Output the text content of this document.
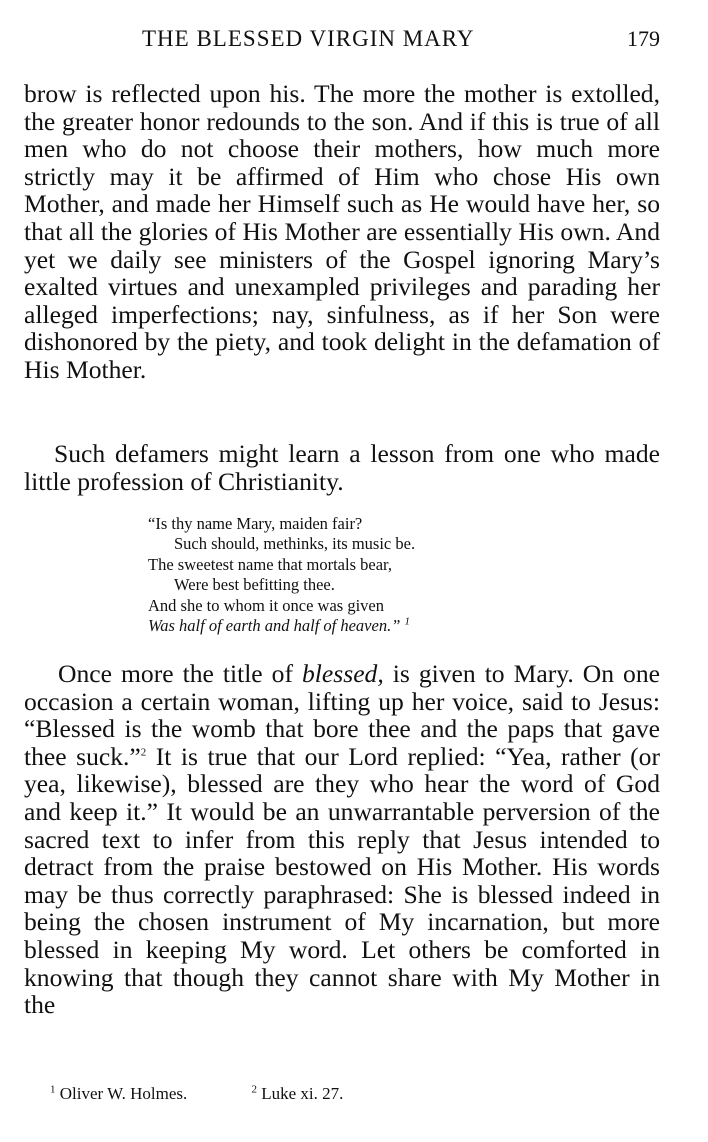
THE BLESSED VIRGIN MARY	179

brow is reflected upon his. The more the mother is extolled, the greater honor redounds to the son. And if this is true of all men who do not choose their mothers, how much more strictly may it be affirmed of Him who chose His own Mother, and made her Himself such as He would have her, so that all the glories of His Mother are essentially His own. And yet we daily see ministers of the Gospel ignoring Mary’s exalted virtues and unexampled privileges and parading her alleged imperfections; nay, sinfulness, as if her Son were dishonored by the piety, and took delight in the defamation of His Mother.

Such defamers might learn a lesson from one who made little profession of Christianity.

“Is thy name Mary, maiden fair?
Such should, methinks, its music be.
The sweetest name that mortals bear,
Were best befitting thee.
And she to whom it once was given
Was half of earth and half of heaven.” $^1$

Once more the title of blessed, is given to Mary. On one occasion a certain woman, lifting up her voice, said to Jesus: “Blessed is the womb that bore thee and the paps that gave thee suck.”$^2$ It is true that our Lord replied: “Yea, rather (or yea, likewise), blessed are they who hear the word of God and keep it.” It would be an unwarrantable perversion of the sacred text to infer from this reply that Jesus intended to detract from the praise bestowed on His Mother. His words may be thus correctly paraphrased: She is blessed indeed in being the chosen instrument of My incarnation, but more blessed in keeping My word. Let others be comforted in knowing that though they cannot share with My Mother in the

$^1$ Oliver W. Holmes.	$^2$ Luke xi. 27.
